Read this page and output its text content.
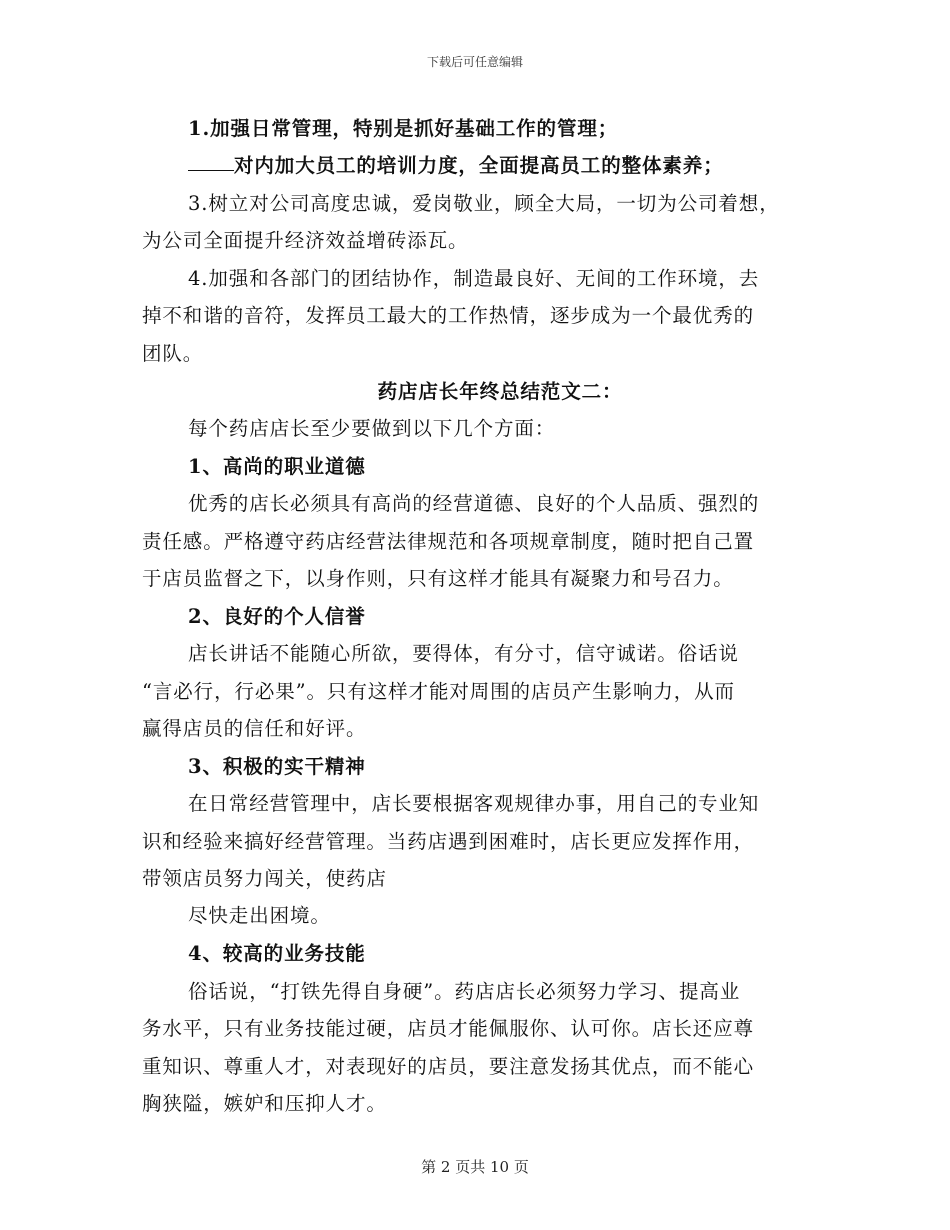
下载后可任意编辑
1.加强日常管理，特别是抓好基础工作的管理；
对内加大员工的培训力度，全面提高员工的整体素养；
3.树立对公司高度忠诚，爱岗敬业，顾全大局，一切为公司着想，
为公司全面提升经济效益增砖添瓦。
4.加强和各部门的团结协作，制造最良好、无间的工作环境，去
掉不和谐的音符，发挥员工最大的工作热情，逐步成为一个最优秀的
团队。
药店店长年终总结范文二：
每个药店店长至少要做到以下几个方面：
1、高尚的职业道德
优秀的店长必须具有高尚的经营道德、良好的个人品质、强烈的
责任感。严格遵守药店经营法律规范和各项规章制度，随时把自己置
于店员监督之下，以身作则，只有这样才能具有凝聚力和号召力。
2、良好的个人信誉
店长讲话不能随心所欲，要得体，有分寸，信守诚诺。俗话说
“言必行，行必果”。只有这样才能对周围的店员产生影响力，从而
赢得店员的信任和好评。
3、积极的实干精神
在日常经营管理中，店长要根据客观规律办事，用自己的专业知
识和经验来搞好经营管理。当药店遇到困难时，店长更应发挥作用，
带领店员努力闯关，使药店
尽快走出困境。
4、较高的业务技能
俗话说，“打铁先得自身硬”。药店店长必须努力学习、提高业
务水平，只有业务技能过硬，店员才能佩服你、认可你。店长还应尊
重知识、尊重人才，对表现好的店员，要注意发扬其优点，而不能心
胸狭隘，嫉妒和压抑人才。
第 2 页共 10 页
